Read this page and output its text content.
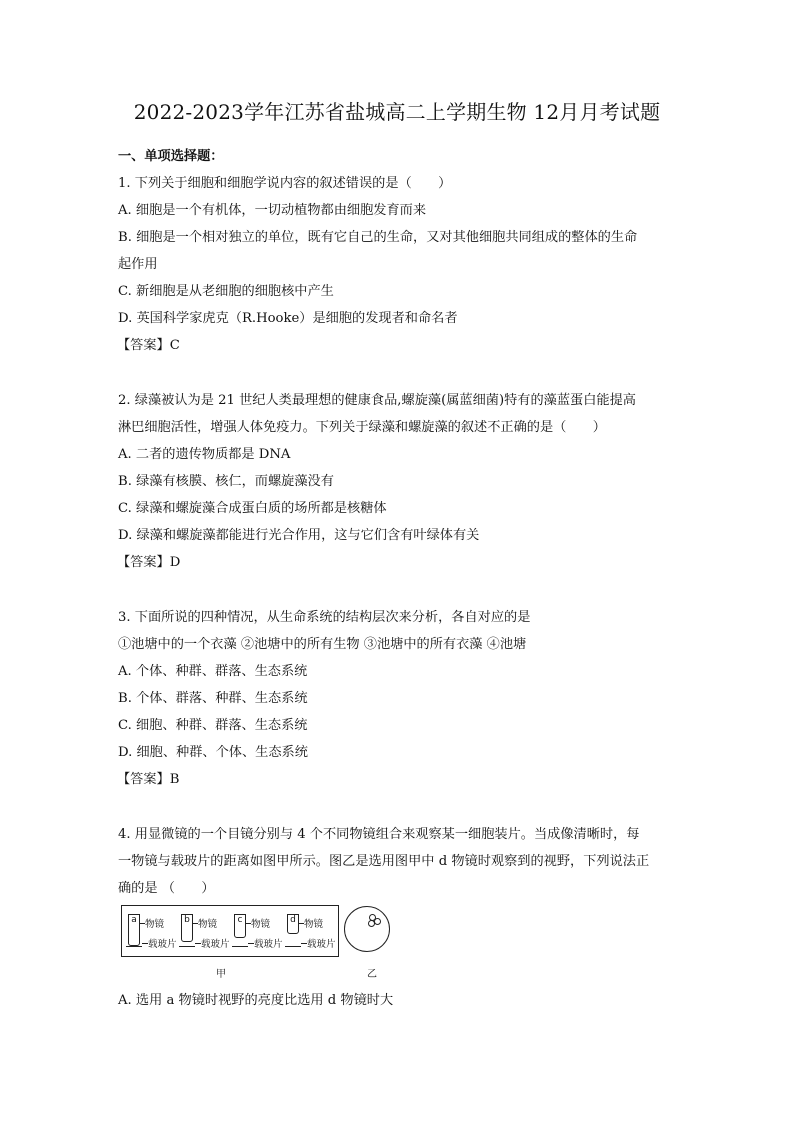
2022-2023学年江苏省盐城高二上学期生物 12月月考试题
一、单项选择题：
1. 下列关于细胞和细胞学说内容的叙述错误的是（　　）
A. 细胞是一个有机体，一切动植物都由细胞发育而来
B. 细胞是一个相对独立的单位，既有它自己的生命，又对其他细胞共同组成的整体的生命
起作用
C. 新细胞是从老细胞的细胞核中产生
D. 英国科学家虎克（R.Hooke）是细胞的发现者和命名者
【答案】C
2. 绿藻被认为是 21 世纪人类最理想的健康食品,螺旋藻(属蓝细菌)特有的藻蓝蛋白能提高
淋巴细胞活性，增强人体免疫力。下列关于绿藻和螺旋藻的叙述不正确的是（　　）
A. 二者的遗传物质都是 DNA
B. 绿藻有核膜、核仁，而螺旋藻没有
C. 绿藻和螺旋藻合成蛋白质的场所都是核糖体
D. 绿藻和螺旋藻都能进行光合作用，这与它们含有叶绿体有关
【答案】D
3. 下面所说的四种情况，从生命系统的结构层次来分析，各自对应的是
①池塘中的一个衣藻 ②池塘中的所有生物 ③池塘中的所有衣藻 ④池塘
A. 个体、种群、群落、生态系统
B. 个体、群落、种群、生态系统
C. 细胞、种群、群落、生态系统
D. 细胞、种群、个体、生态系统
【答案】B
4. 用显微镜的一个目镜分别与 4 个不同物镜组合来观察某一细胞装片。当成像清晰时，每
一物镜与载玻片的距离如图甲所示。图乙是选用图甲中 d 物镜时观察到的视野，下列说法正
确的是 （　　）
a 物镜
载玻片
b 物镜
载玻片
c 物镜
载玻片
d 物镜
载玻片
甲	乙
A. 选用 a 物镜时视野的亮度比选用 d 物镜时大
